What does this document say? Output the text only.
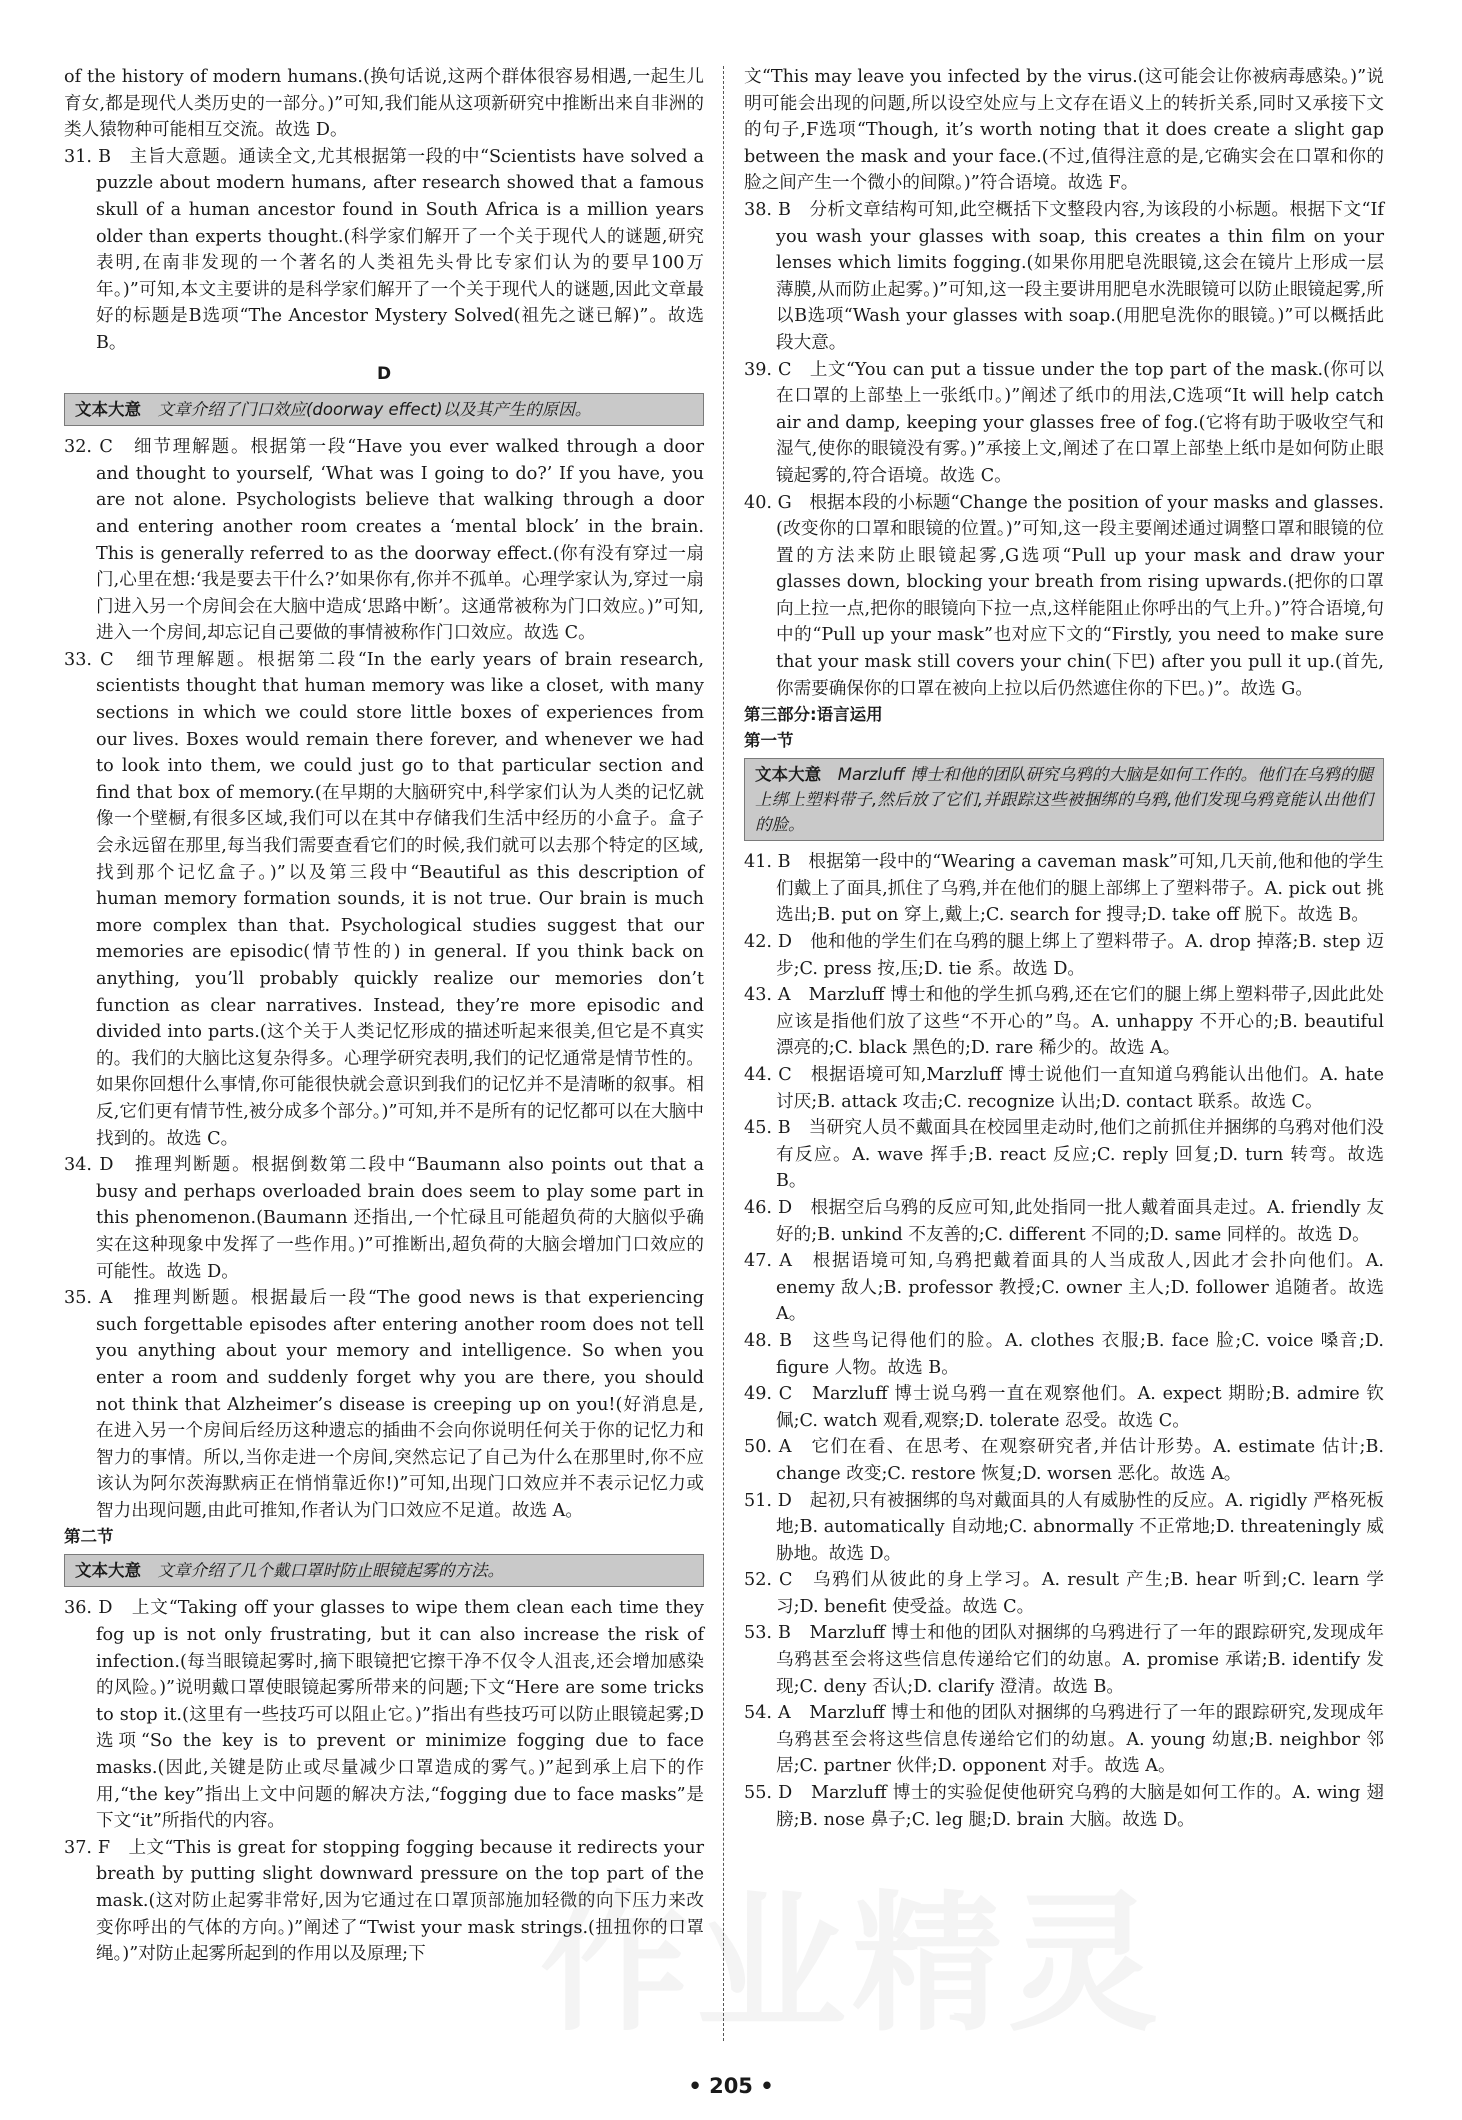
作业精灵

of the history of modern humans.(换句话说,这两个群体很容易相遇,一起生儿育女,都是现代人类历史的一部分。)”可知,我们能从这项新研究中推断出来自非洲的类人猿物种可能相互交流。故选 D。

31. B　主旨大意题。通读全文,尤其根据第一段的中“Scientists have solved a puzzle about modern humans, after research showed that a famous skull of a human ancestor found in South Africa is a million years older than experts thought.(科学家们解开了一个关于现代人的谜题,研究表明,在南非发现的一个著名的人类祖先头骨比专家们认为的要早100万年。)”可知,本文主要讲的是科学家们解开了一个关于现代人的谜题,因此文章最好的标题是B选项“The Ancestor Mystery Solved(祖先之谜已解)”。故选 B。

D

文本大意　 文章介绍了门口效应(doorway effect)以及其产生的原因。

32. C　细节理解题。根据第一段“Have you ever walked through a door and thought to yourself, ‘What was I going to do?’ If you have, you are not alone. Psychologists believe that walking through a door and entering another room creates a ‘mental block’ in the brain. This is generally referred to as the doorway effect.(你有没有穿过一扇门,心里在想:‘我是要去干什么?’如果你有,你并不孤单。心理学家认为,穿过一扇门进入另一个房间会在大脑中造成‘思路中断’。这通常被称为门口效应。)”可知,进入一个房间,却忘记自己要做的事情被称作门口效应。故选 C。

33. C　细节理解题。根据第二段“In the early years of brain research, scientists thought that human memory was like a closet, with many sections in which we could store little boxes of experiences from our lives. Boxes would remain there forever, and whenever we had to look into them, we could just go to that particular section and find that box of memory.(在早期的大脑研究中,科学家们认为人类的记忆就像一个壁橱,有很多区域,我们可以在其中存储我们生活中经历的小盒子。盒子会永远留在那里,每当我们需要查看它们的时候,我们就可以去那个特定的区域,找到那个记忆盒子。)”以及第三段中“Beautiful as this description of human memory formation sounds, it is not true. Our brain is much more complex than that. Psychological studies suggest that our memories are episodic(情节性的) in general. If you think back on anything, you’ll probably quickly realize our memories don’t function as clear narratives. Instead, they’re more episodic and divided into parts.(这个关于人类记忆形成的描述听起来很美,但它是不真实的。我们的大脑比这复杂得多。心理学研究表明,我们的记忆通常是情节性的。如果你回想什么事情,你可能很快就会意识到我们的记忆并不是清晰的叙事。相反,它们更有情节性,被分成多个部分。)”可知,并不是所有的记忆都可以在大脑中找到的。故选 C。

34. D　推理判断题。根据倒数第二段中“Baumann also points out that a busy and perhaps overloaded brain does seem to play some part in this phenomenon.(Baumann 还指出,一个忙碌且可能超负荷的大脑似乎确实在这种现象中发挥了一些作用。)”可推断出,超负荷的大脑会增加门口效应的可能性。故选 D。

35. A　推理判断题。根据最后一段“The good news is that experiencing such forgettable episodes after entering another room does not tell you anything about your memory and intelligence. So when you enter a room and suddenly forget why you are there, you should not think that Alzheimer’s disease is creeping up on you!(好消息是,在进入另一个房间后经历这种遗忘的插曲不会向你说明任何关于你的记忆力和智力的事情。所以,当你走进一个房间,突然忘记了自己为什么在那里时,你不应该认为阿尔茨海默病正在悄悄靠近你!)”可知,出现门口效应并不表示记忆力或智力出现问题,由此可推知,作者认为门口效应不足道。故选 A。

第二节

文本大意　 文章介绍了几个戴口罩时防止眼镜起雾的方法。

36. D　上文“Taking off your glasses to wipe them clean each time they fog up is not only frustrating, but it can also increase the risk of infection.(每当眼镜起雾时,摘下眼镜把它擦干净不仅令人沮丧,还会增加感染的风险。)”说明戴口罩使眼镜起雾所带来的问题;下文“Here are some tricks to stop it.(这里有一些技巧可以阻止它。)”指出有些技巧可以防止眼镜起雾;D选项“So the key is to prevent or minimize fogging due to face masks.(因此,关键是防止或尽量减少口罩造成的雾气。)”起到承上启下的作用,“the key”指出上文中问题的解决方法,“fogging due to face masks”是下文“it”所指代的内容。

37. F　上文“This is great for stopping fogging because it redirects your breath by putting slight downward pressure on the top part of the mask.(这对防止起雾非常好,因为它通过在口罩顶部施加轻微的向下压力来改变你呼出的气体的方向。)”阐述了“Twist your mask strings.(扭扭你的口罩绳。)”对防止起雾所起到的作用以及原理;下

文“This may leave you infected by the virus.(这可能会让你被病毒感染。)”说明可能会出现的问题,所以设空处应与上文存在语义上的转折关系,同时又承接下文的句子,F选项“Though, it’s worth noting that it does create a slight gap between the mask and your face.(不过,值得注意的是,它确实会在口罩和你的脸之间产生一个微小的间隙。)”符合语境。故选 F。

38. B　分析文章结构可知,此空概括下文整段内容,为该段的小标题。根据下文“If you wash your glasses with soap, this creates a thin film on your lenses which limits fogging.(如果你用肥皂洗眼镜,这会在镜片上形成一层薄膜,从而防止起雾。)”可知,这一段主要讲用肥皂水洗眼镜可以防止眼镜起雾,所以B选项“Wash your glasses with soap.(用肥皂洗你的眼镜。)”可以概括此段大意。

39. C　上文“You can put a tissue under the top part of the mask.(你可以在口罩的上部垫上一张纸巾。)”阐述了纸巾的用法,C选项“It will help catch air and damp, keeping your glasses free of fog.(它将有助于吸收空气和湿气,使你的眼镜没有雾。)”承接上文,阐述了在口罩上部垫上纸巾是如何防止眼镜起雾的,符合语境。故选 C。

40. G　根据本段的小标题“Change the position of your masks and glasses.(改变你的口罩和眼镜的位置。)”可知,这一段主要阐述通过调整口罩和眼镜的位置的方法来防止眼镜起雾,G选项“Pull up your mask and draw your glasses down, blocking your breath from rising upwards.(把你的口罩向上拉一点,把你的眼镜向下拉一点,这样能阻止你呼出的气上升。)”符合语境,句中的“Pull up your mask”也对应下文的“Firstly, you need to make sure that your mask still covers your chin(下巴) after you pull it up.(首先,你需要确保你的口罩在被向上拉以后仍然遮住你的下巴。)”。故选 G。

第三部分:语言运用

第一节

文本大意　 Marzluff 博士和他的团队研究乌鸦的大脑是如何工作的。他们在乌鸦的腿上绑上塑料带子,然后放了它们,并跟踪这些被捆绑的乌鸦,他们发现乌鸦竟能认出他们的脸。

41. B　根据第一段中的“Wearing a caveman mask”可知,几天前,他和他的学生们戴上了面具,抓住了乌鸦,并在他们的腿上部绑上了塑料带子。A. pick out 挑选出;B. put on 穿上,戴上;C. search for 搜寻;D. take off 脱下。故选 B。

42. D　他和他的学生们在乌鸦的腿上绑上了塑料带子。A. drop 掉落;B. step 迈步;C. press 按,压;D. tie 系。故选 D。

43. A　Marzluff 博士和他的学生抓乌鸦,还在它们的腿上绑上塑料带子,因此此处应该是指他们放了这些“不开心的”鸟。A. unhappy 不开心的;B. beautiful 漂亮的;C. black 黑色的;D. rare 稀少的。故选 A。

44. C　根据语境可知,Marzluff 博士说他们一直知道乌鸦能认出他们。A. hate 讨厌;B. attack 攻击;C. recognize 认出;D. contact 联系。故选 C。

45. B　当研究人员不戴面具在校园里走动时,他们之前抓住并捆绑的乌鸦对他们没有反应。A. wave 挥手;B. react 反应;C. reply 回复;D. turn 转弯。故选 B。

46. D　根据空后乌鸦的反应可知,此处指同一批人戴着面具走过。A. friendly 友好的;B. unkind 不友善的;C. different 不同的;D. same 同样的。故选 D。

47. A　根据语境可知,乌鸦把戴着面具的人当成敌人,因此才会扑向他们。A. enemy 敌人;B. professor 教授;C. owner 主人;D. follower 追随者。故选 A。

48. B　这些鸟记得他们的脸。A. clothes 衣服;B. face 脸;C. voice 嗓音;D. figure 人物。故选 B。

49. C　Marzluff 博士说乌鸦一直在观察他们。A. expect 期盼;B. admire 钦佩;C. watch 观看,观察;D. tolerate 忍受。故选 C。

50. A　它们在看、在思考、在观察研究者,并估计形势。A. estimate 估计;B. change 改变;C. restore 恢复;D. worsen 恶化。故选 A。

51. D　起初,只有被捆绑的鸟对戴面具的人有威胁性的反应。A. rigidly 严格死板地;B. automatically 自动地;C. abnormally 不正常地;D. threateningly 威胁地。故选 D。

52. C　乌鸦们从彼此的身上学习。A. result 产生;B. hear 听到;C. learn 学习;D. benefit 使受益。故选 C。

53. B　Marzluff 博士和他的团队对捆绑的乌鸦进行了一年的跟踪研究,发现成年乌鸦甚至会将这些信息传递给它们的幼崽。A. promise 承诺;B. identify 发现;C. deny 否认;D. clarify 澄清。故选 B。

54. A　Marzluff 博士和他的团队对捆绑的乌鸦进行了一年的跟踪研究,发现成年乌鸦甚至会将这些信息传递给它们的幼崽。A. young 幼崽;B. neighbor 邻居;C. partner 伙伴;D. opponent 对手。故选 A。

55. D　Marzluff 博士的实验促使他研究乌鸦的大脑是如何工作的。A. wing 翅膀;B. nose 鼻子;C. leg 腿;D. brain 大脑。故选 D。

• 205 •
